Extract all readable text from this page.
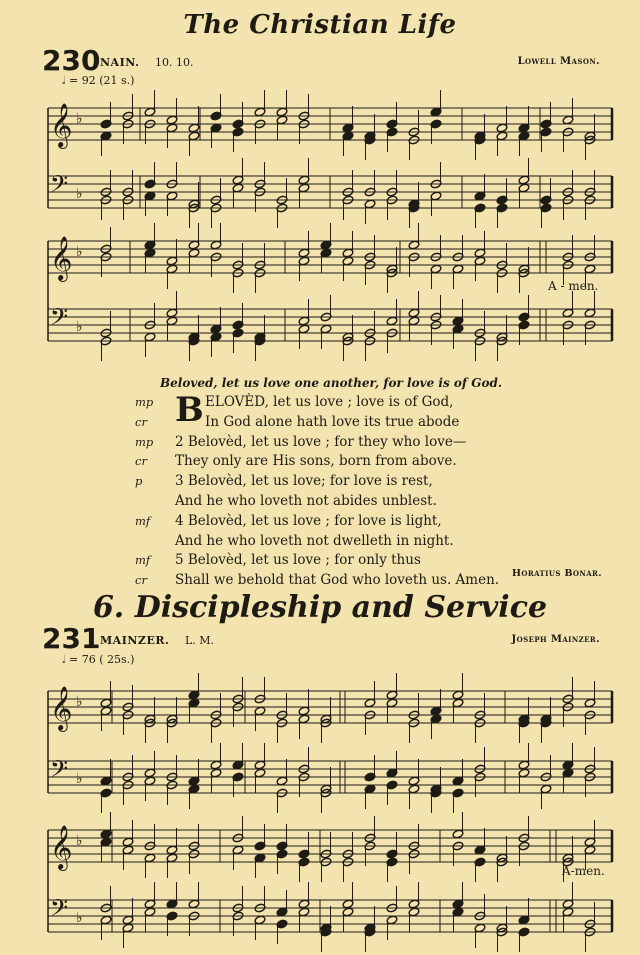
The Christian Life
230 NAIN. 10. 10.	Lowell Mason.
𝅗𝅥 = 92 (21 s.)
𝄞 ♭
𝄢 ♭
𝄞 ♭
𝄢 ♭
A - men.
Beloved, let us love one another, for love is of God.
B
mp	ELOVÈD, let us love ; love is of God,
cr	In God alone hath love its true abode
mp	2 Belovèd, let us love ; for they who love—
cr	They only are His sons, born from above.
p	3 Belovèd, let us love; for love is rest,
And he who loveth not abides unblest.
mf	4 Belovèd, let us love ; for love is light,
And he who loveth not dwelleth in night.
mf	5 Belovèd, let us love ; for only thus
cr	Shall we behold that God who loveth us. Amen. Horatius Bonar.
6. Discipleship and Service
231 MAINZER. L. M.	Joseph Mainzer.
𝅗𝅥 = 76 ( 25s.)
𝄞 ♭
𝄢 ♭
𝄞 ♭
𝄢 ♭
A-men.
